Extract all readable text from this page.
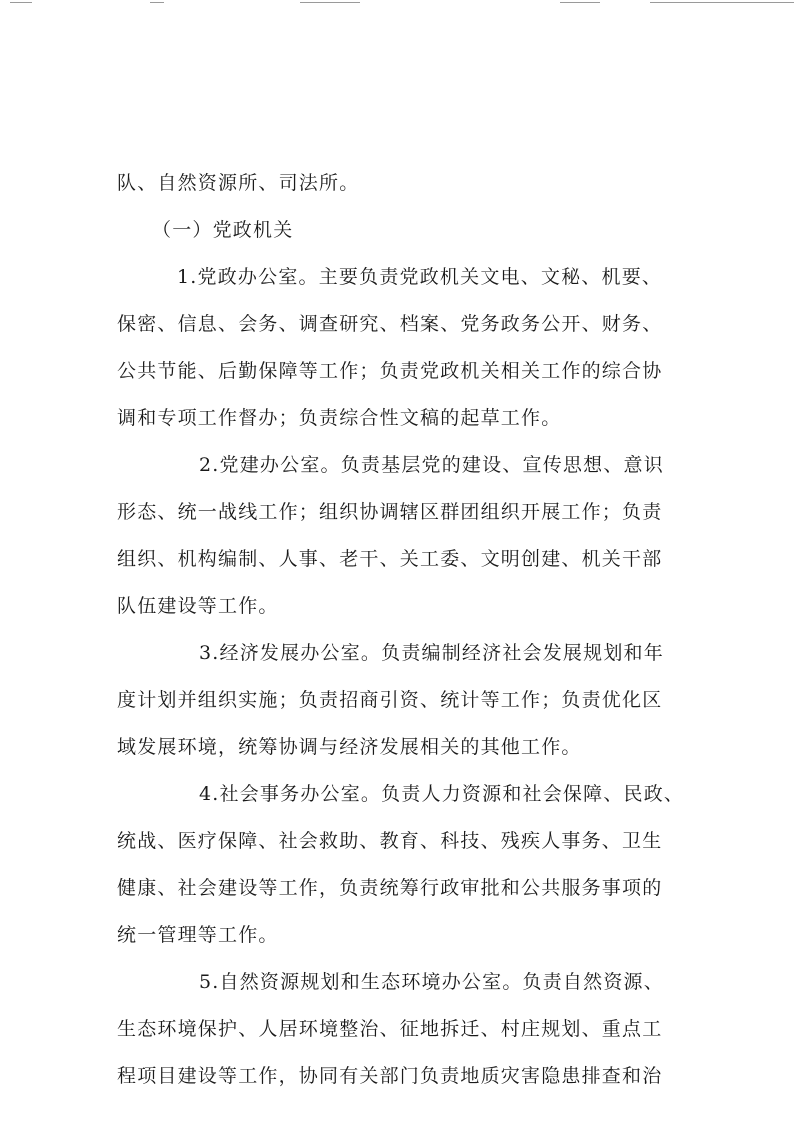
队、自然资源所、司法所。
（一）党政机关
1.党政办公室。主要负责党政机关文电、文秘、机要、
保密、信息、会务、调查研究、档案、党务政务公开、财务、
公共节能、后勤保障等工作；负责党政机关相关工作的综合协
调和专项工作督办；负责综合性文稿的起草工作。
2.党建办公室。负责基层党的建设、宣传思想、意识
形态、统一战线工作；组织协调辖区群团组织开展工作；负责
组织、机构编制、人事、老干、关工委、文明创建、机关干部
队伍建设等工作。
3.经济发展办公室。负责编制经济社会发展规划和年
度计划并组织实施；负责招商引资、统计等工作；负责优化区
域发展环境，统筹协调与经济发展相关的其他工作。
4.社会事务办公室。负责人力资源和社会保障、民政、
统战、医疗保障、社会救助、教育、科技、残疾人事务、卫生
健康、社会建设等工作，负责统筹行政审批和公共服务事项的
统一管理等工作。
5.自然资源规划和生态环境办公室。负责自然资源、
生态环境保护、人居环境整治、征地拆迁、村庄规划、重点工
程项目建设等工作，协同有关部门负责地质灾害隐患排查和治
